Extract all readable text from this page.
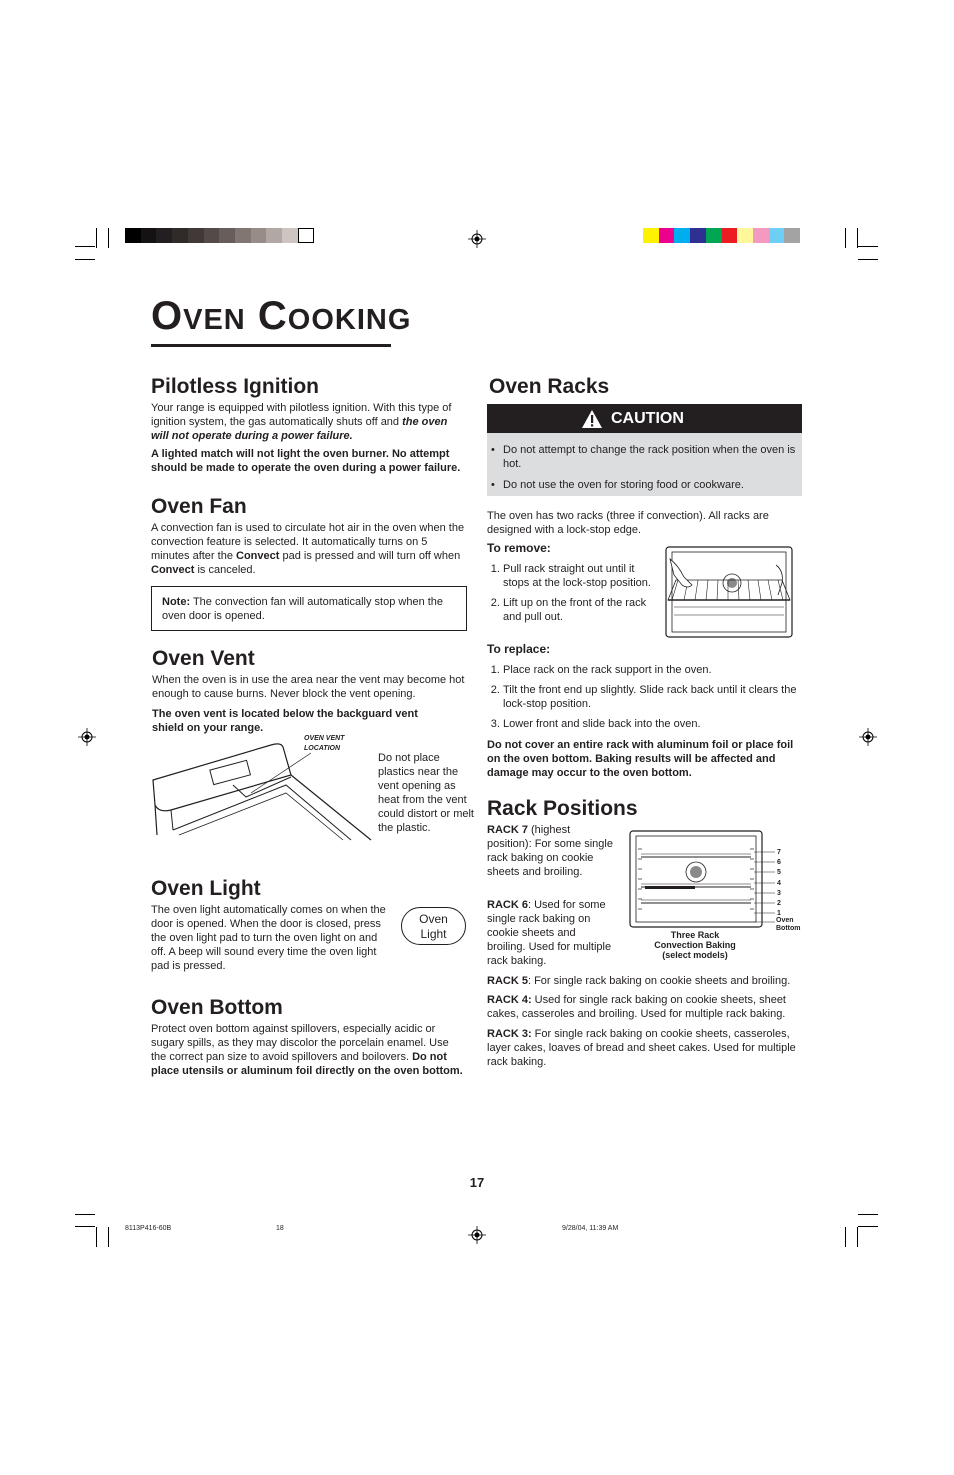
OVEN COOKING
Pilotless Ignition

Your range is equipped with pilotless ignition. With this type of ignition system, the gas automatically shuts off and the oven will not operate during a power failure.

A lighted match will not light the oven burner. No attempt should be made to operate the oven during a power failure.

Oven Fan

A convection fan is used to circulate hot air in the oven when the convection feature is selected. It automatically turns on 5 minutes after the Convect pad is pressed and will turn off when Convect is canceled.

Note: The convection fan will automatically stop when the oven door is opened.

Oven Vent

When the oven is in use the area near the vent may become hot enough to cause burns. Never block the vent opening.

The oven vent is located below the backguard vent shield on your range.

OVEN VENT
LOCATION

Do not place plastics near the vent opening as heat from the vent could distort or melt the plastic.

Oven Light

The oven light automatically comes on when the door is opened. When the door is closed, press the oven light pad to turn the oven light on and off. A beep will sound every time the oven light pad is pressed.

Oven
Light
Oven Bottom

Protect oven bottom against spillovers, especially acidic or sugary spills, as they may discolor the porcelain enamel. Use the correct pan size to avoid spillovers and boilovers. Do not place utensils or aluminum foil directly on the oven bottom.

Oven Racks
CAUTION
• Do not attempt to change the rack position when the oven is hot.
• Do not use the oven for storing food or cookware.

The oven has two racks (three if convection). All racks are designed with a lock-stop edge.

To remove:
1. Pull rack straight out until it stops at the lock-stop position.
2. Lift up on the front of the rack and pull out.
To replace:
1. Place rack on the rack support in the oven.
2. Tilt the front end up slightly. Slide rack back until it clears the lock-stop position.
3. Lower front and slide back into the oven.

Do not cover an entire rack with aluminum foil or place foil on the oven bottom. Baking results will be affected and damage may occur to the oven bottom.

Rack Positions

RACK 7 (highest position): For some single rack baking on cookie sheets and broiling.

RACK 6: Used for some single rack baking on cookie sheets and broiling. Used for multiple rack baking.

7
6
5
4
3
2
1
Oven
Bottom
Three Rack
Convection Baking
(select models)

RACK 5: For single rack baking on cookie sheets and broiling.

RACK 4: Used for single rack baking on cookie sheets, sheet cakes, casseroles and broiling. Used for multiple rack baking.

RACK 3: For single rack baking on cookie sheets, casseroles, layer cakes, loaves of bread and sheet cakes. Used for multiple rack baking.

17
8113P416-60B	18	9/28/04, 11:39 AM
